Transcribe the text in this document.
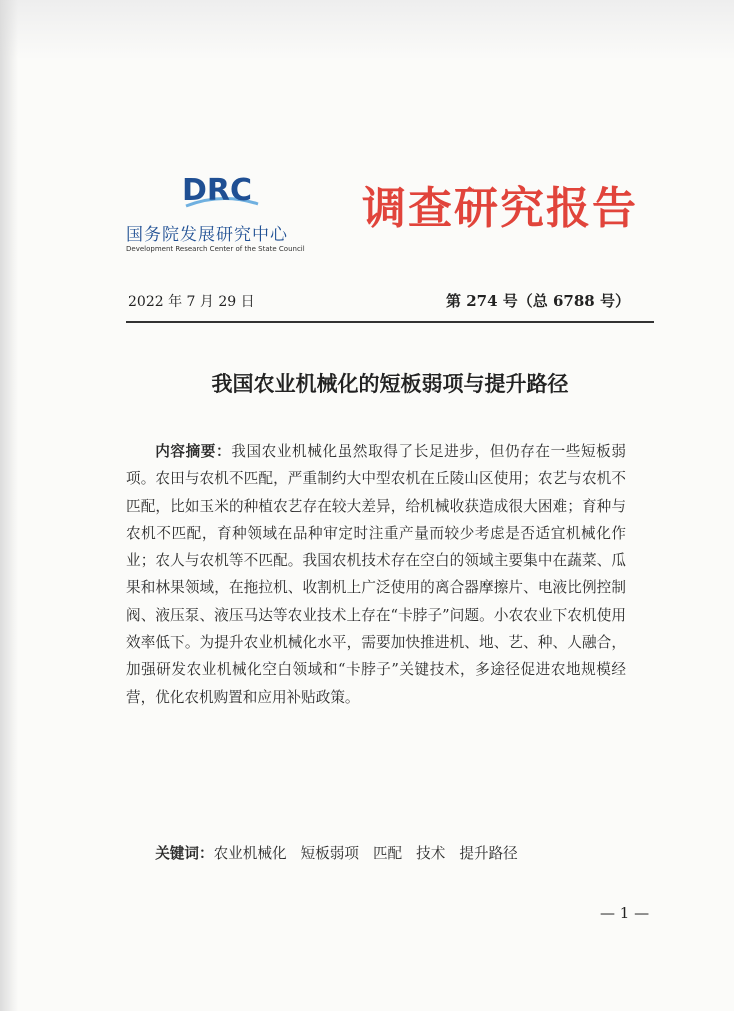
DRC
国务院发展研究中心
Development Research Center of the State Council
调查研究报告
2022 年 7 月 29 日	第 274 号（总 6788 号）
我国农业机械化的短板弱项与提升路径
内容摘要：我国农业机械化虽然取得了长足进步，但仍存在一些短板弱项。农田与农机不匹配，严重制约大中型农机在丘陵山区使用；农艺与农机不匹配，比如玉米的种植农艺存在较大差异，给机械收获造成很大困难；育种与农机不匹配，育种领域在品种审定时注重产量而较少考虑是否适宜机械化作业；农人与农机等不匹配。我国农机技术存在空白的领域主要集中在蔬菜、瓜果和林果领域，在拖拉机、收割机上广泛使用的离合器摩擦片、电液比例控制阀、液压泵、液压马达等农业技术上存在“卡脖子”问题。小农农业下农机使用效率低下。为提升农业机械化水平，需要加快推进机、地、艺、种、人融合，加强研发农业机械化空白领域和“卡脖子”关键技术，多途径促进农地规模经营，优化农机购置和应用补贴政策。
关键词：农业机械化 短板弱项 匹配 技术 提升路径
— 1 —
